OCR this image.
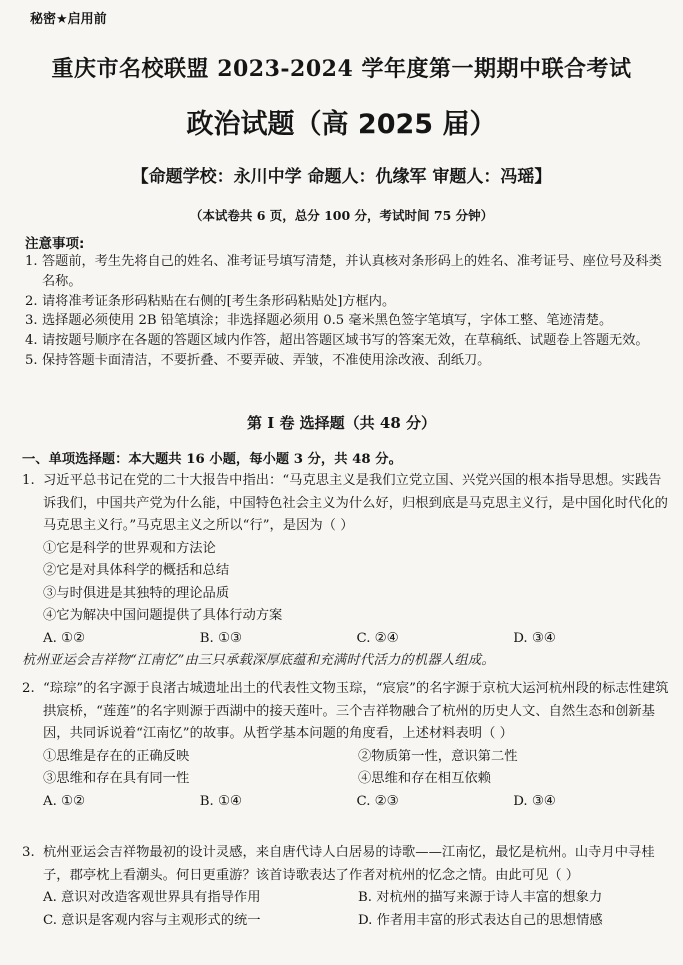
秘密★启用前
重庆市名校联盟 2023-2024 学年度第一期期中联合考试
政治试题（高 2025 届）
【命题学校：永川中学 命题人：仇缘军 审题人：冯瑶】
（本试卷共 6 页，总分 100 分，考试时间 75 分钟）
注意事项:
1. 答题前，考生先将自己的姓名、准考证号填写清楚，并认真核对条形码上的姓名、准考证号、座位号及科类名称。
2. 请将准考证条形码粘贴在右侧的[考生条形码粘贴处]方框内。
3. 选择题必须使用 2B 铅笔填涂；非选择题必须用 0.5 毫米黑色签字笔填写，字体工整、笔迹清楚。
4. 请按题号顺序在各题的答题区域内作答，超出答题区域书写的答案无效，在草稿纸、试题卷上答题无效。
5. 保持答题卡面清洁，不要折叠、不要弄破、弄皱，不准使用涂改液、刮纸刀。
第 I 卷 选择题（共 48 分）
一、单项选择题：本大题共 16 小题，每小题 3 分，共 48 分。
1. 习近平总书记在党的二十大报告中指出：“马克思主义是我们立党立国、兴党兴国的根本指导思想。实践告诉我们，中国共产党为什么能，中国特色社会主义为什么好，归根到底是马克思主义行，是中国化时代化的马克思主义行。”马克思主义之所以“行”，是因为（ ）
①它是科学的世界观和方法论
②它是对具体科学的概括和总结
③与时俱进是其独特的理论品质
④它为解决中国问题提供了具体行动方案
A. ①②	B. ①③	C. ②④	D. ③④
杭州亚运会吉祥物“江南忆”由三只承载深厚底蕴和充满时代活力的机器人组成。
2. “琮琮”的名字源于良渚古城遗址出土的代表性文物玉琮，“宸宸”的名字源于京杭大运河杭州段的标志性建筑拱宸桥，“莲莲”的名字则源于西湖中的接天莲叶。三个吉祥物融合了杭州的历史人文、自然生态和创新基因，共同诉说着“江南忆”的故事。从哲学基本问题的角度看，上述材料表明（ ）
①思维是存在的正确反映	②物质第一性，意识第二性
③思维和存在具有同一性	④思维和存在相互依赖
A. ①②	B. ①④	C. ②③	D. ③④
3. 杭州亚运会吉祥物最初的设计灵感，来自唐代诗人白居易的诗歌——江南忆，最忆是杭州。山寺月中寻桂子，郡亭枕上看潮头。何日更重游？该首诗歌表达了作者对杭州的忆念之情。由此可见（ ）
A. 意识对改造客观世界具有指导作用	B. 对杭州的描写来源于诗人丰富的想象力
C. 意识是客观内容与主观形式的统一	D. 作者用丰富的形式表达自己的思想情感
